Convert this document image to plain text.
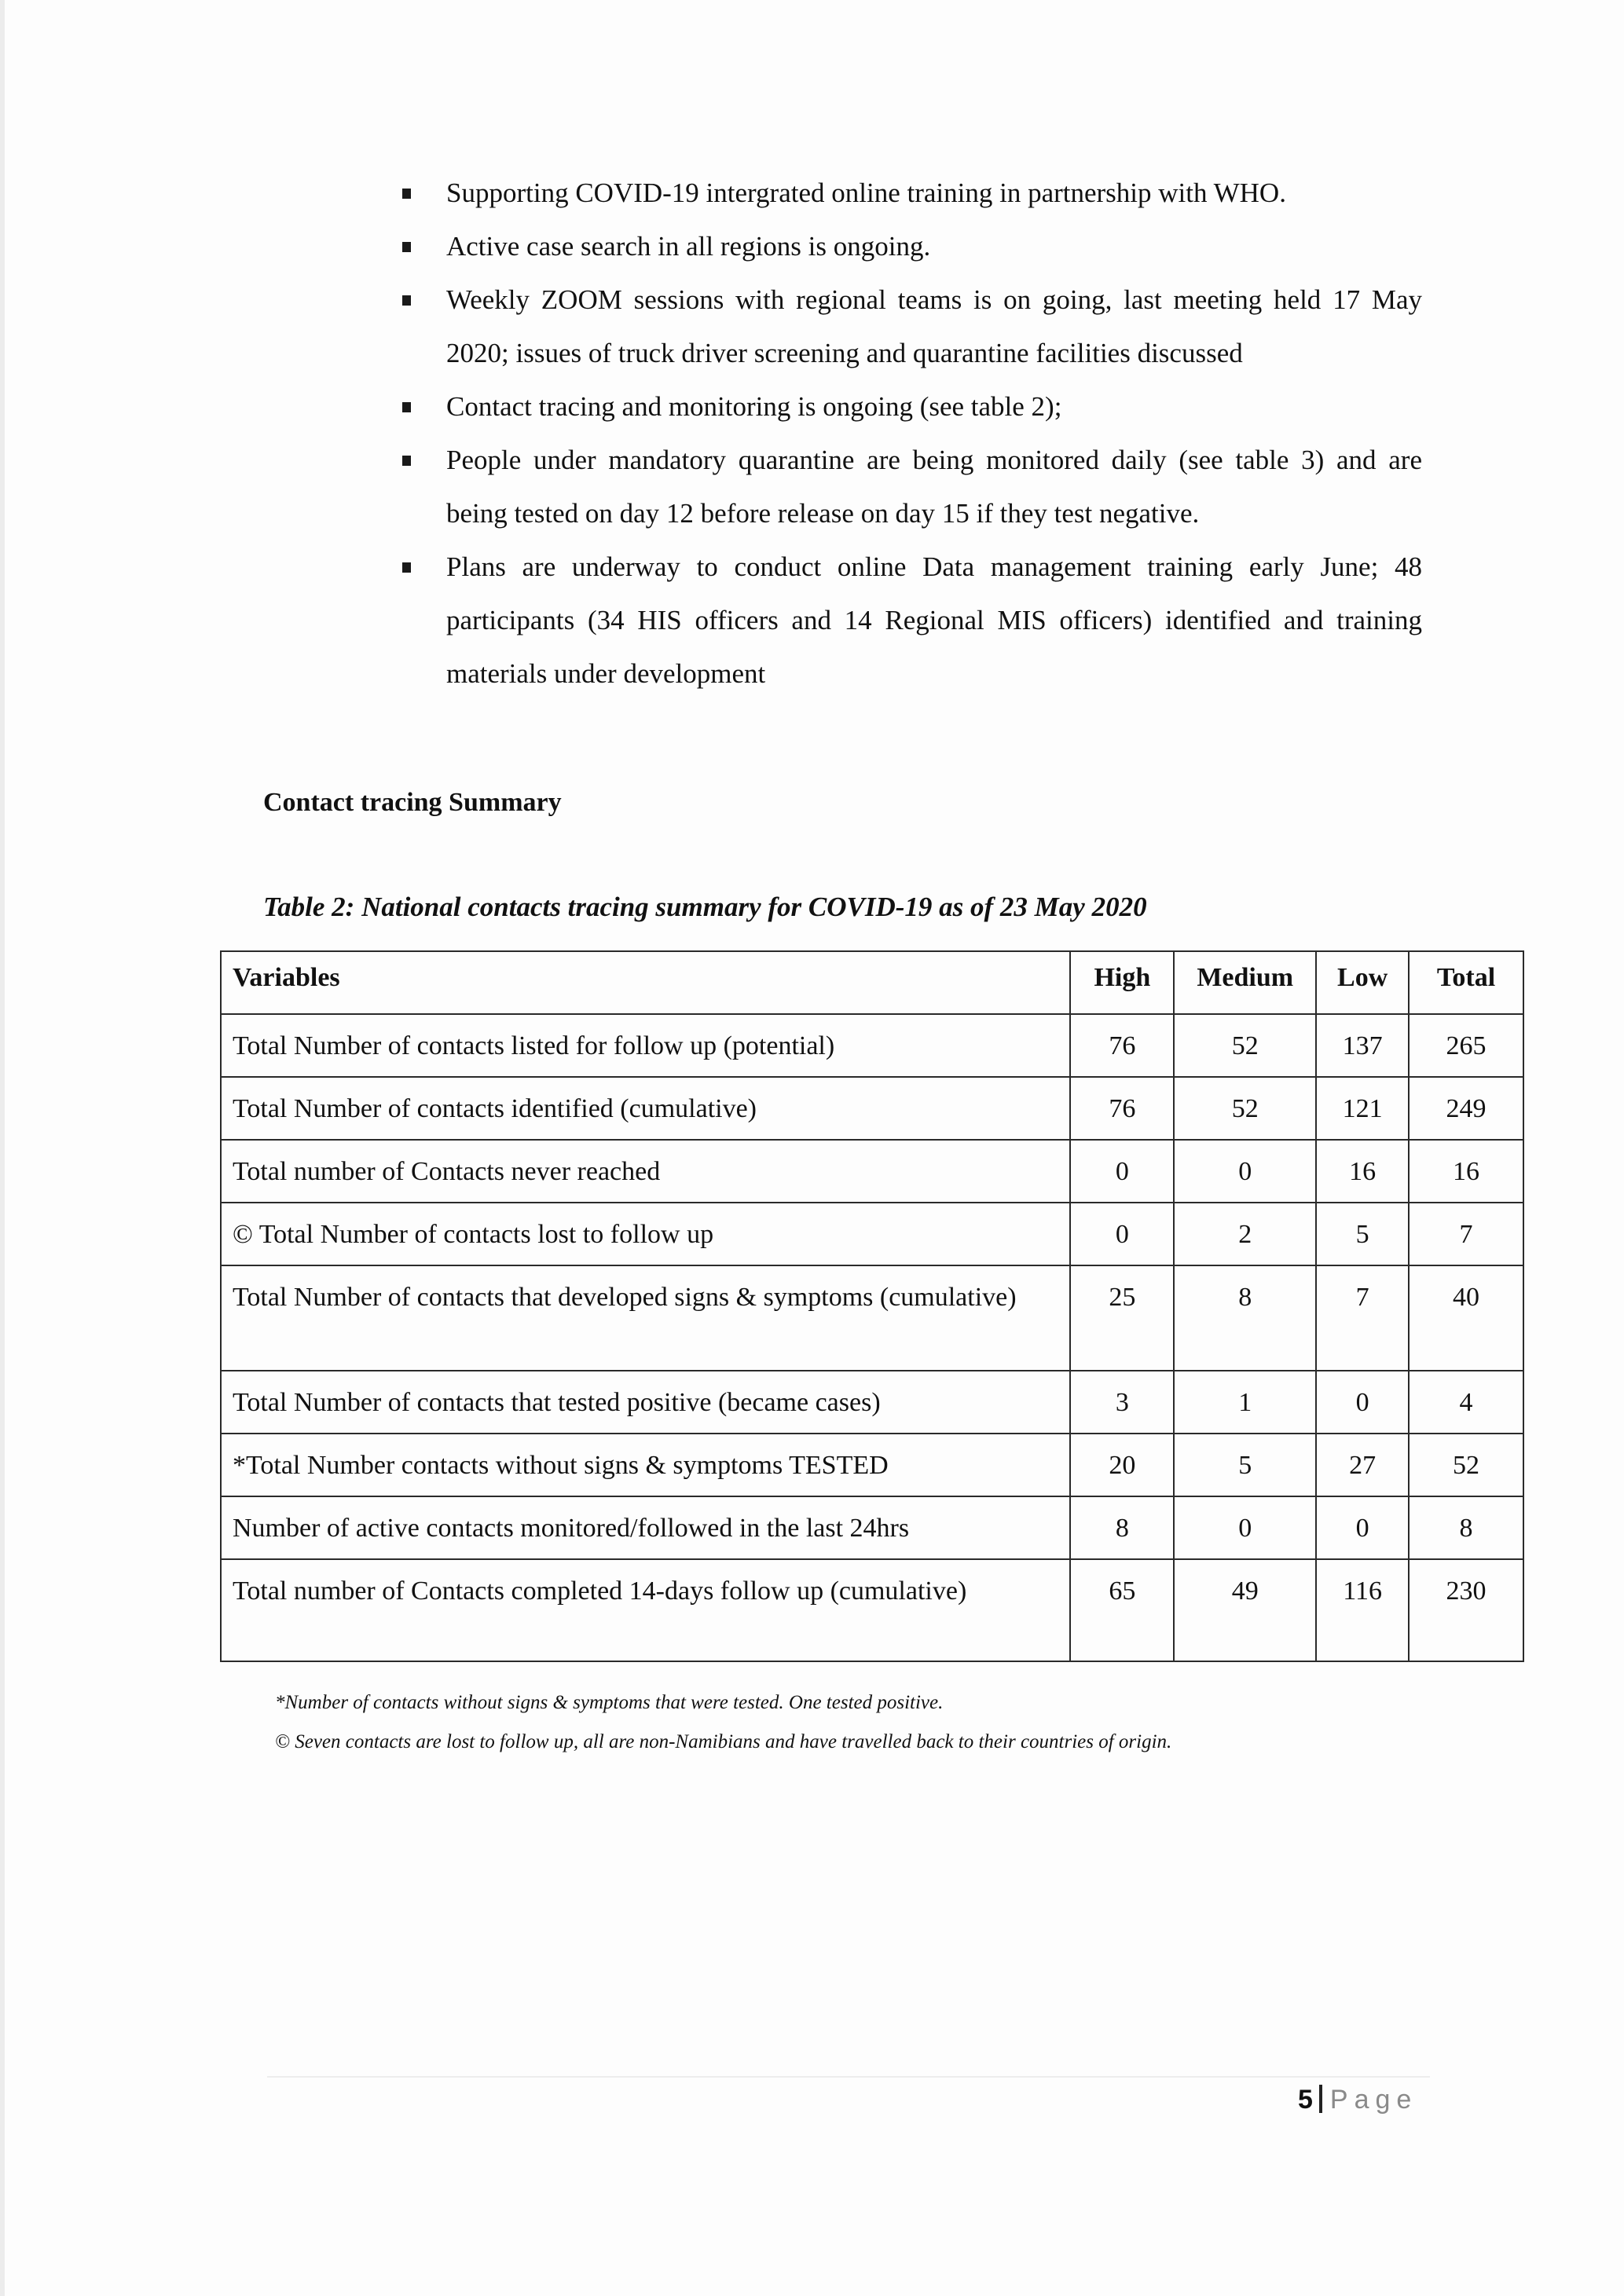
Supporting COVID-19 intergrated online training in partnership with WHO.
Active case search in all regions is ongoing.
Weekly ZOOM sessions with regional teams is on going, last meeting held 17 May 2020; issues of truck driver screening and quarantine facilities discussed
Contact tracing and monitoring is ongoing (see table 2);
People under mandatory quarantine are being monitored daily (see table 3) and are being tested on day 12 before release on day 15 if they test negative.
Plans are underway to conduct online Data management training early June; 48 participants (34 HIS officers and 14 Regional MIS officers) identified and training materials under development
Contact tracing Summary
Table 2: National contacts tracing summary for COVID-19 as of 23 May 2020
Variables	High	Medium	Low	Total
Total Number of contacts listed for follow up (potential)	76	52	137	265
Total Number of contacts identified (cumulative)	76	52	121	249
Total number of Contacts never reached	0	0	16	16
© Total Number of contacts lost to follow up	0	2	5	7
Total Number of contacts that developed signs & symptoms (cumulative)	25	8	7	40
Total Number of contacts that tested positive (became cases)	3	1	0	4
*Total Number contacts without signs & symptoms TESTED	20	5	27	52
Number of active contacts monitored/followed in the last 24hrs	8	0	0	8
Total number of Contacts completed 14-days follow up (cumulative)	65	49	116	230
*Number of contacts without signs & symptoms that were tested. One tested positive.
© Seven contacts are lost to follow up, all are non-Namibians and have travelled back to their countries of origin.
5 Page
